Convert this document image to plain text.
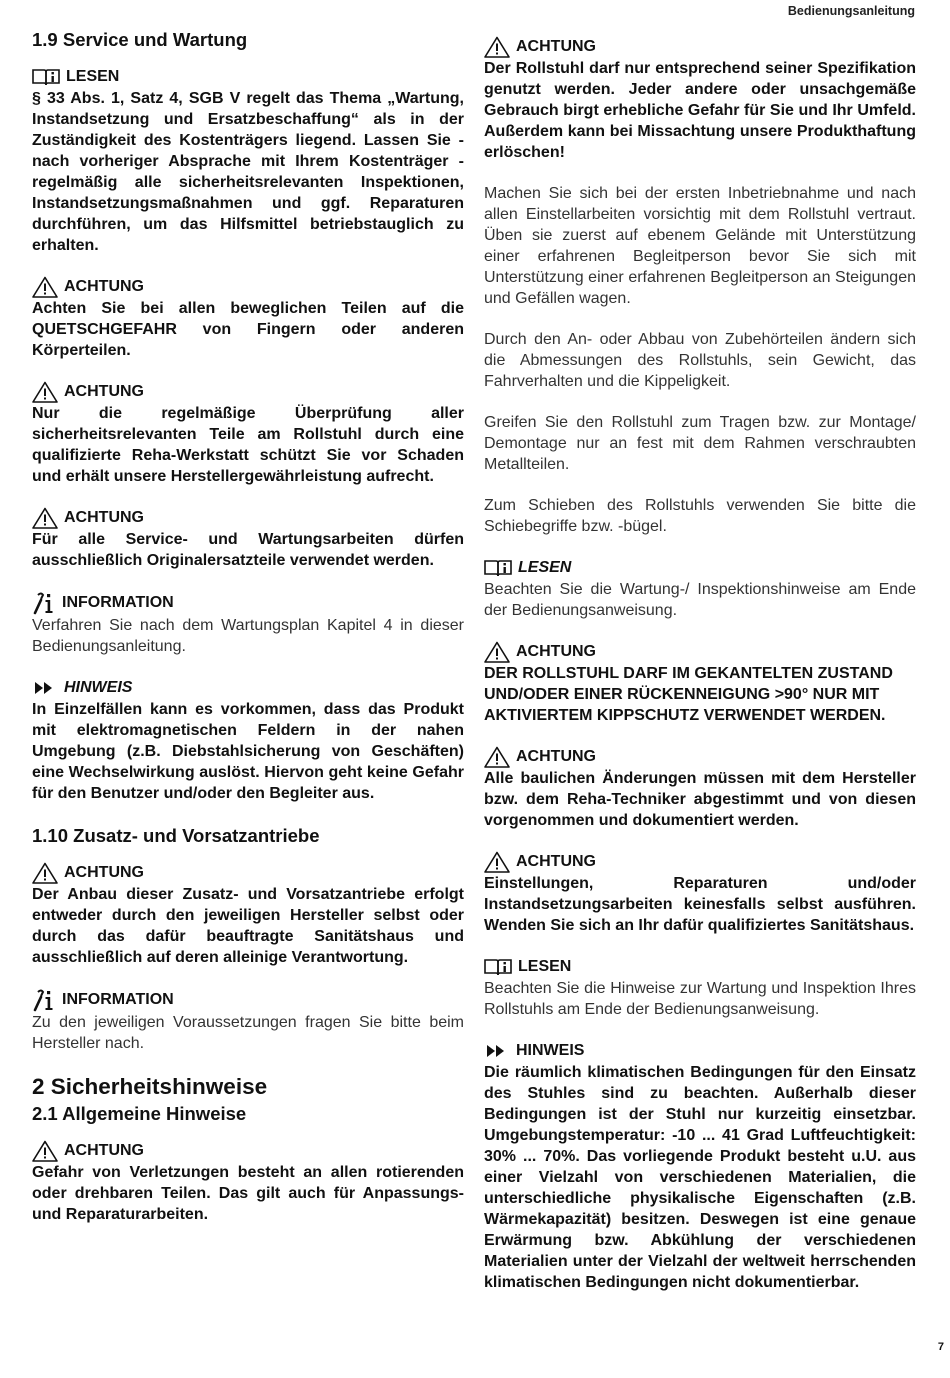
Bedienungsanleitung
1.9 Service und Wartung
LESEN

§ 33 Abs. 1, Satz 4, SGB V regelt das Thema „Wartung, Instandsetzung und Ersatzbeschaffung“ als in der Zuständigkeit des Kostenträgers liegend. Lassen Sie - nach vorheriger Absprache mit Ihrem Kostenträger - regelmäßig alle sicherheitsrelevanten Inspektionen, Instandsetzungsmaßnahmen und ggf. Reparaturen durchführen, um das Hilfsmittel betriebstauglich zu erhalten.

ACHTUNG

Achten Sie bei allen beweglichen Teilen auf die QUETSCHGEFAHR von Fingern oder anderen Körperteilen.

ACHTUNG

Nur die regelmäßige Überprüfung aller sicherheitsrelevanten Teile am Rollstuhl durch eine qualifizierte Reha-Werkstatt schützt Sie vor Schaden und erhält unsere Herstellergewährleistung aufrecht.

ACHTUNG

Für alle Service- und Wartungsarbeiten dürfen ausschließlich Originalersatzteile verwendet werden.

INFORMATION

Verfahren Sie nach dem Wartungsplan Kapitel 4 in dieser Bedienungsanleitung.

HINWEIS

In Einzelfällen kann es vorkommen, dass das Produkt mit elektromagnetischen Feldern in der nahen Umgebung (z.B. Diebstahlsicherung von Geschäften) eine Wechselwirkung auslöst. Hiervon geht keine Gefahr für den Benutzer und/oder den Begleiter aus.

1.10 Zusatz- und Vorsatzantriebe
ACHTUNG

Der Anbau dieser Zusatz- und Vorsatzantriebe erfolgt entweder durch den jeweiligen Hersteller selbst oder durch das dafür beauftragte Sanitätshaus und ausschließlich auf deren alleinige Verantwortung.

INFORMATION

Zu den jeweiligen Voraussetzungen fragen Sie bitte beim Hersteller nach.

2 Sicherheitshinweise
2.1 Allgemeine Hinweise
ACHTUNG

Gefahr von Verletzungen besteht an allen rotierenden oder drehbaren Teilen. Das gilt auch für Anpassungs- und Reparaturarbeiten.

ACHTUNG

Der Rollstuhl darf nur entsprechend seiner Spezifikation genutzt werden. Jeder andere oder unsachgemäße Gebrauch birgt erhebliche Gefahr für Sie und Ihr Umfeld. Außerdem kann bei Missachtung unsere Produkthaftung erlöschen!

Machen Sie sich bei der ersten Inbetriebnahme und nach allen Einstellarbeiten vorsichtig mit dem Rollstuhl vertraut. Üben sie zuerst auf ebenem Gelände mit Unterstützung einer erfahrenen Begleitperson bevor Sie sich mit Unterstützung einer erfahrenen Begleitperson an Steigungen und Gefällen wagen.

Durch den An- oder Abbau von Zubehörteilen ändern sich die Abmessungen des Rollstuhls, sein Gewicht, das Fahrverhalten und die Kippeligkeit.

Greifen Sie den Rollstuhl zum Tragen bzw. zur Montage/ Demontage nur an fest mit dem Rahmen verschraubten Metallteilen.

Zum Schieben des Rollstuhls verwenden Sie bitte die Schiebegriffe bzw. -bügel.

LESEN

Beachten Sie die Wartung-/ Inspektionshinweise am Ende der Bedienungsanweisung.

ACHTUNG

DER ROLLSTUHL DARF IM GEKANTELTEN ZUSTAND UND/ODER EINER RÜCKENNEIGUNG >90° NUR MIT AKTIVIERTEM KIPPSCHUTZ VERWENDET WERDEN.

ACHTUNG

Alle baulichen Änderungen müssen mit dem Hersteller bzw. dem Reha-Techniker abgestimmt und von diesen vorgenommen und dokumentiert werden.

ACHTUNG

Einstellungen, Reparaturen und/oder Instandsetzungsarbeiten keinesfalls selbst ausführen. Wenden Sie sich an Ihr dafür qualifiziertes Sanitätshaus.

LESEN

Beachten Sie die Hinweise zur Wartung und Inspektion Ihres Rollstuhls am Ende der Bedienungsanweisung.

HINWEIS

Die räumlich klimatischen Bedingungen für den Einsatz des Stuhles sind zu beachten. Außerhalb dieser Bedingungen ist der Stuhl nur kurzeitig einsetzbar. Umgebungstemperatur: -10 ... 41 Grad Luftfeuchtigkeit: 30% ... 70%. Das vorliegende Produkt besteht u.U. aus einer Vielzahl von verschiedenen Materialien, die unterschiedliche physikalische Eigenschaften (z.B. Wärmekapazität) besitzen. Deswegen ist eine genaue Erwärmung bzw. Abkühlung der verschiedenen Materialien unter der Vielzahl der weltweit herrschenden klimatischen Bedingungen nicht dokumentierbar.

7
